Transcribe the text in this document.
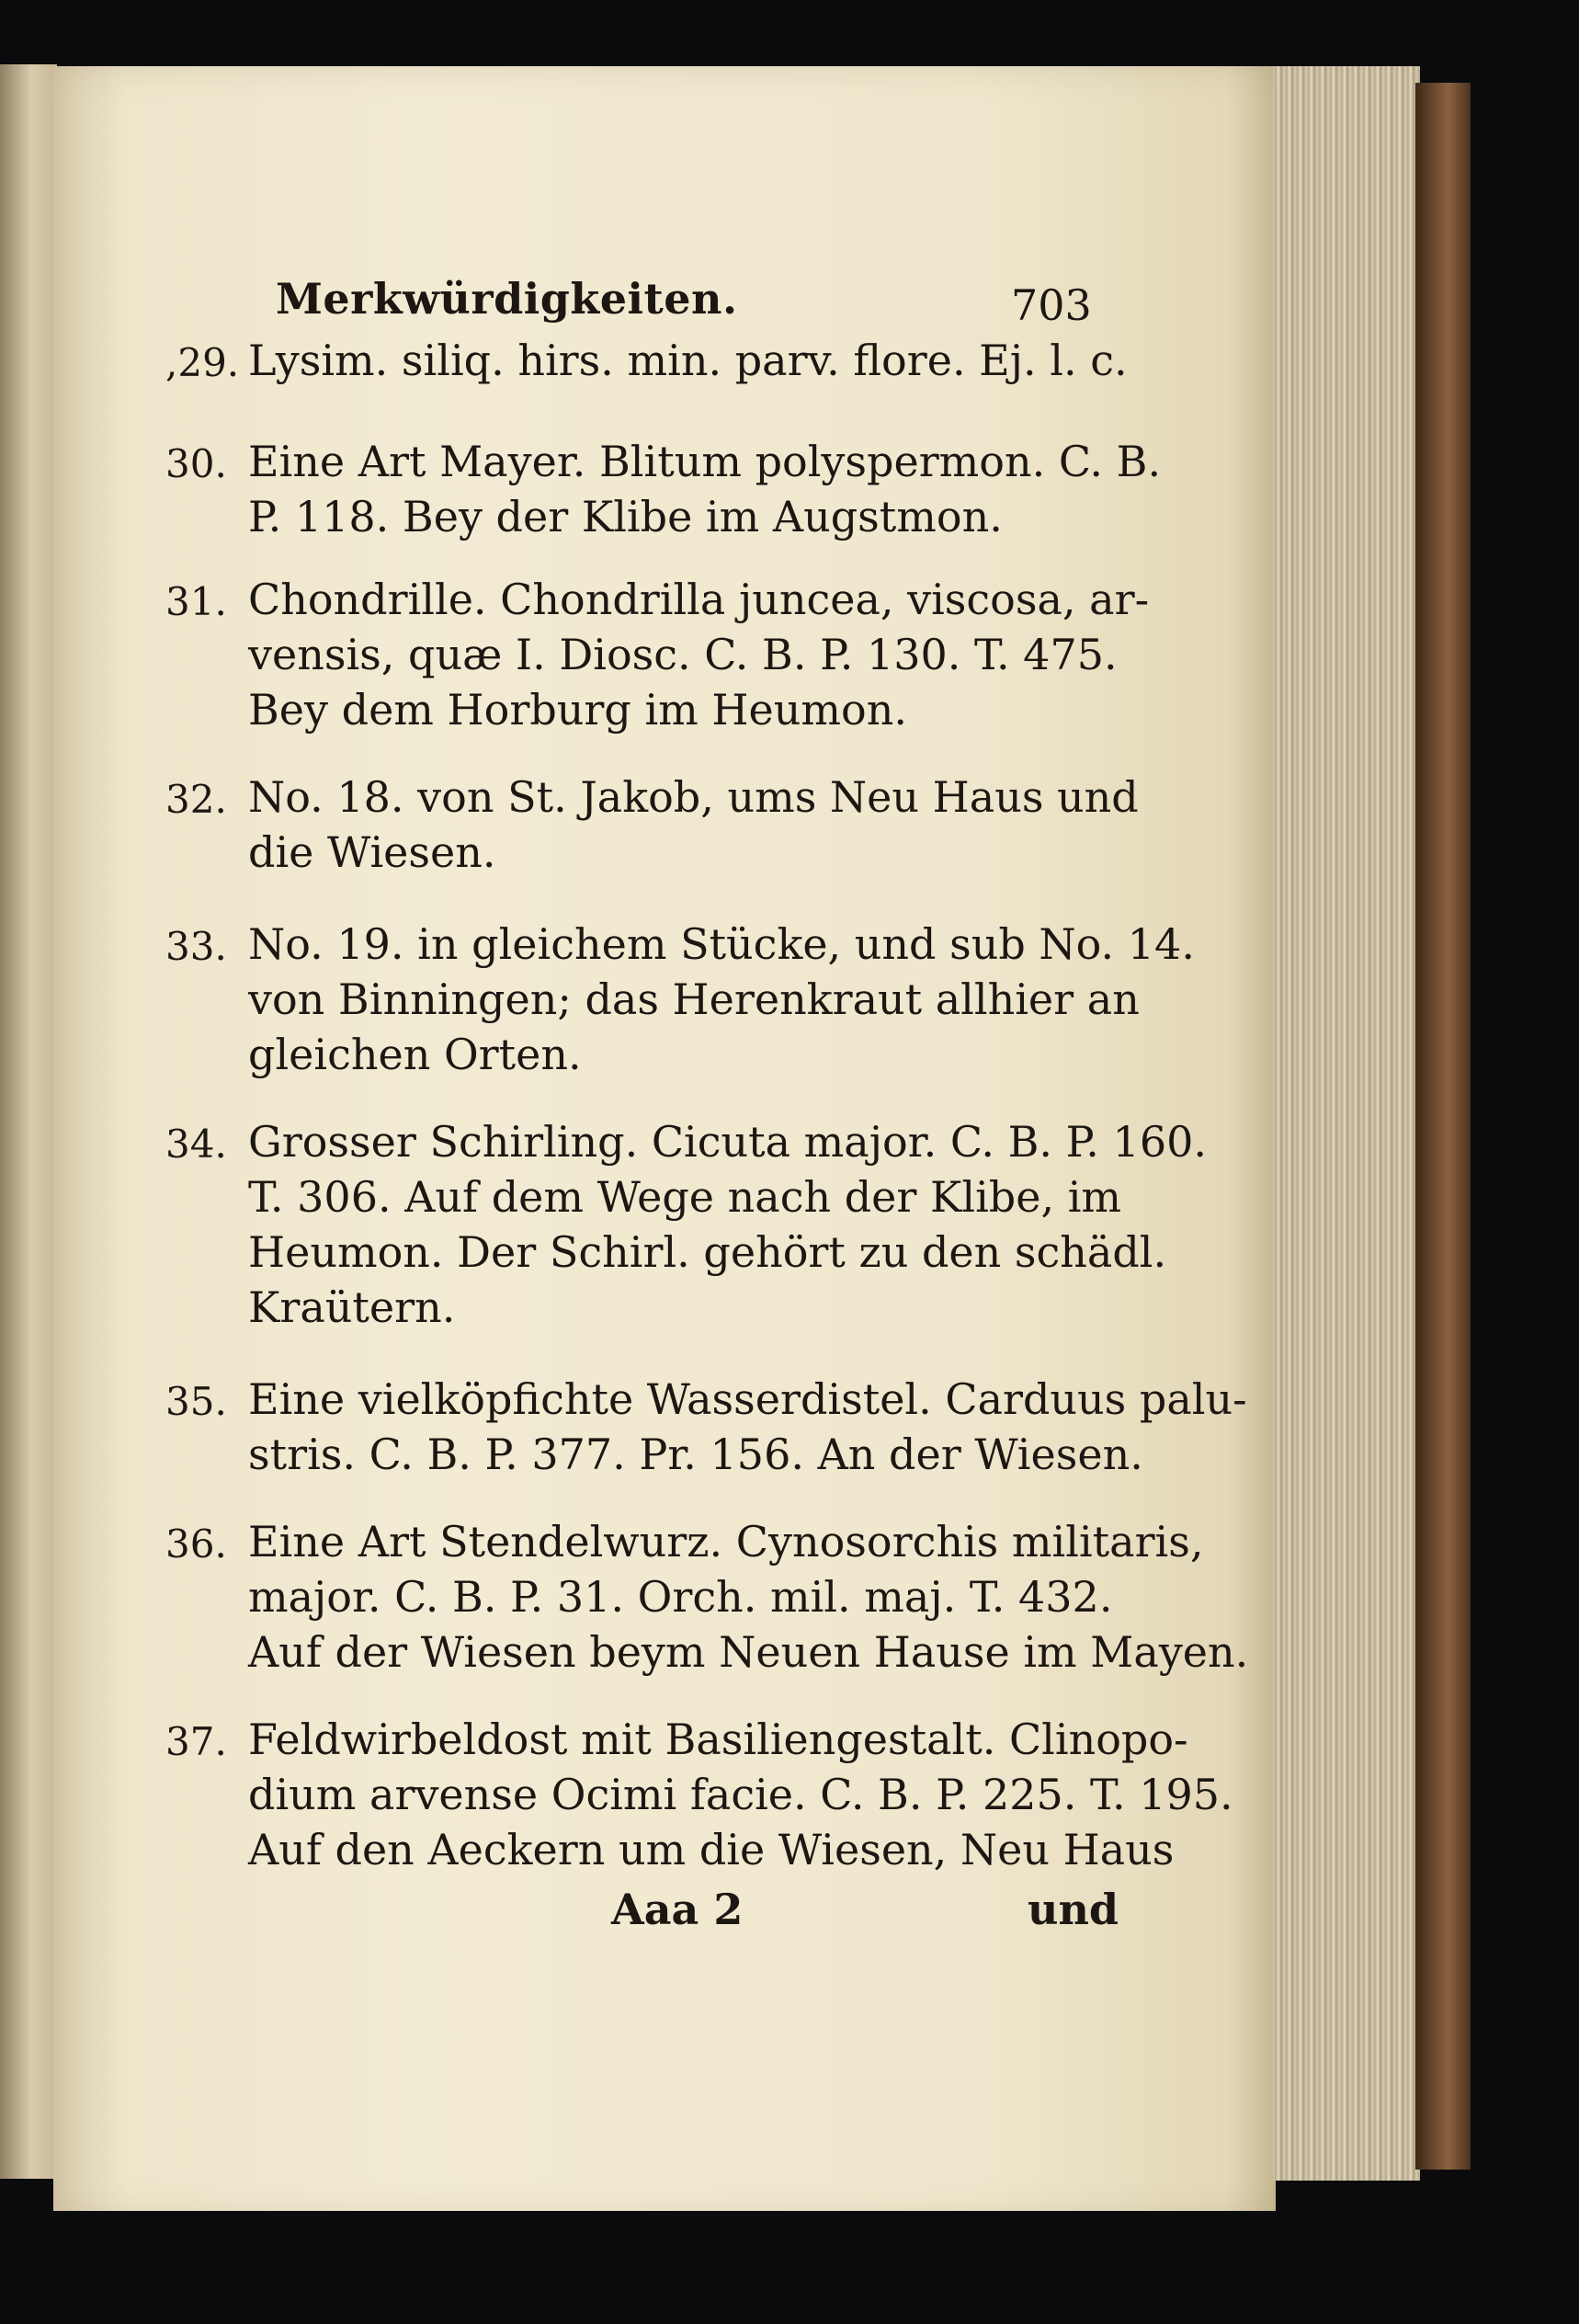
Merkwürdigkeiten.	703
,29. Lysim. siliq. hirs. min. parv. flore. Ej. l. c.
30. Eine Art Mayer. Blitum polyspermon. C. B.
P. 118. Bey der Klibe im Augstmon.
31. Chondrille. Chondrilla juncea, viscosa, ar-
vensis, quæ I. Diosc. C. B. P. 130. T. 475.
Bey dem Horburg im Heumon.
32. No. 18. von St. Jakob, ums Neu Haus und
die Wiesen.
33. No. 19. in gleichem Stücke, und sub No. 14.
von Binningen; das Herenkraut allhier an
gleichen Orten.
34. Grosser Schirling. Cicuta major. C. B. P. 160.
T. 306. Auf dem Wege nach der Klibe, im
Heumon. Der Schirl. gehört zu den schädl.
Kraütern.
35. Eine vielköpfichte Wasserdistel. Carduus palu-
stris. C. B. P. 377. Pr. 156. An der Wiesen.
36. Eine Art Stendelwurz. Cynosorchis militaris,
major. C. B. P. 31. Orch. mil. maj. T. 432.
Auf der Wiesen beym Neuen Hause im Mayen.
37. Feldwirbeldost mit Basiliengestalt. Clinopo-
dium arvense Ocimi facie. C. B. P. 225. T. 195.
Auf den Aeckern um die Wiesen, Neu Haus
Aaa 2	und
